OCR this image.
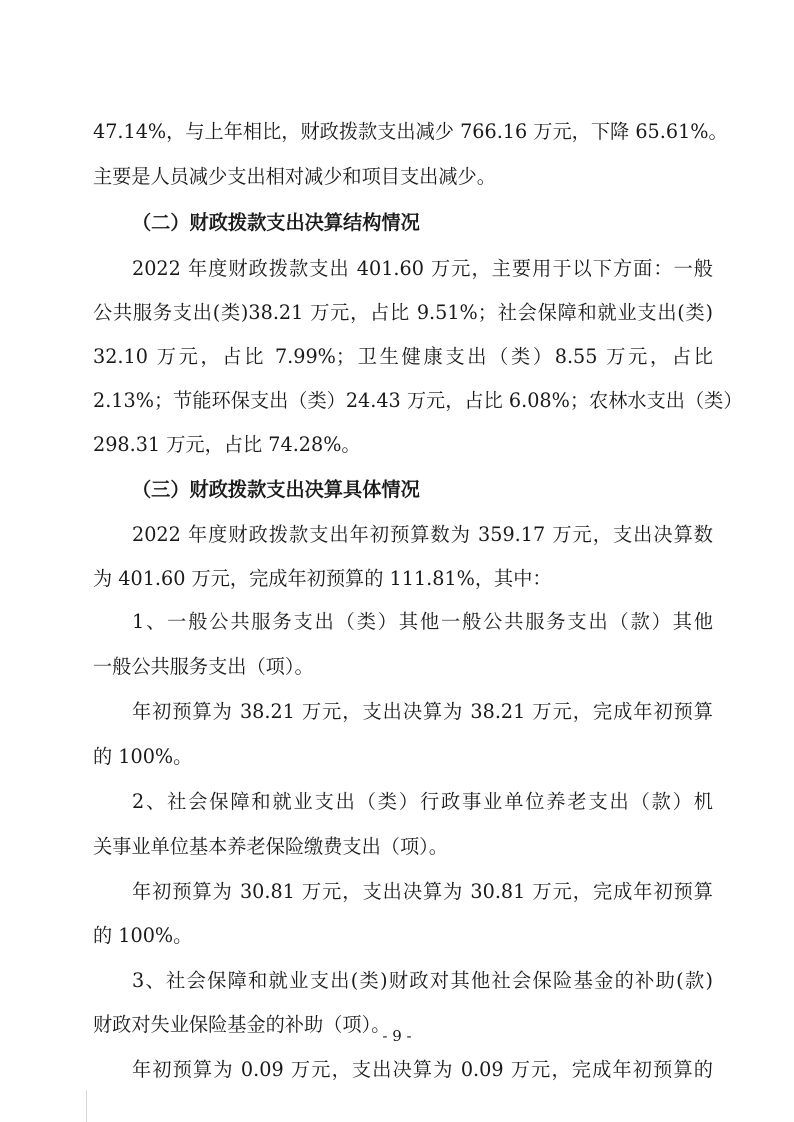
47.14%，与上年相比，财政拨款支出减少 766.16 万元，下降 65.61%。
主要是人员减少支出相对减少和项目支出减少。
（二）财政拨款支出决算结构情况
2022 年度财政拨款支出 401.60 万元，主要用于以下方面：一般
公共服务支出(类)38.21 万元，占比 9.51%；社会保障和就业支出(类)
32.10 万元，占比 7.99%；卫生健康支出（类）8.55 万元，占比
2.13%；节能环保支出（类）24.43 万元，占比 6.08%；农林水支出（类）
298.31 万元，占比 74.28%。
（三）财政拨款支出决算具体情况
2022 年度财政拨款支出年初预算数为 359.17 万元，支出决算数
为 401.60 万元，完成年初预算的 111.81%，其中：
1、一般公共服务支出（类）其他一般公共服务支出（款）其他
一般公共服务支出（项）。
年初预算为 38.21 万元，支出决算为 38.21 万元，完成年初预算
的 100%。
2、社会保障和就业支出（类）行政事业单位养老支出（款）机
关事业单位基本养老保险缴费支出（项）。
年初预算为 30.81 万元，支出决算为 30.81 万元，完成年初预算
的 100%。
3、社会保障和就业支出(类)财政对其他社会保险基金的补助(款)
财政对失业保险基金的补助（项）。
年初预算为 0.09 万元，支出决算为 0.09 万元，完成年初预算的
- 9 -
